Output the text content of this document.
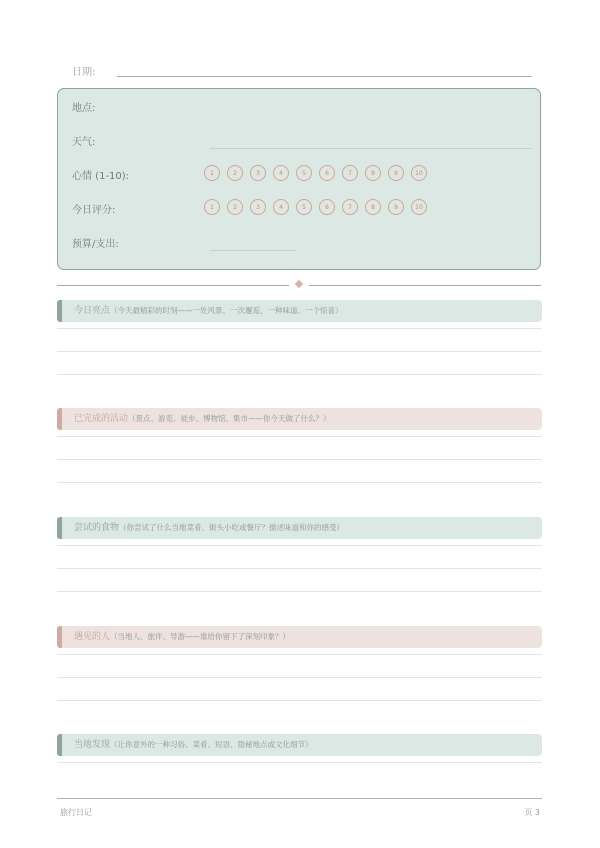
日期:
地点:
天气:
心情 (1-10):	1	2	3	4	5	6	7	8	9	10
今日评分:	1	2	3	4	5	6	7	8	9	10
预算/支出:
今日亮点（今天最精彩的时刻——一处风景、一次邂逅、一种味道、一个惊喜）
已完成的活动（景点、游览、徒步、博物馆、集市——你今天做了什么？）
尝试的食物（你尝试了什么当地菜肴、街头小吃或餐厅？描述味道和你的感受）
遇见的人（当地人、旅伴、导游——谁给你留下了深刻印象？）
当地发现（让你意外的一种习俗、菜肴、短语、隐秘地点或文化细节）
旅行日记	页 3
